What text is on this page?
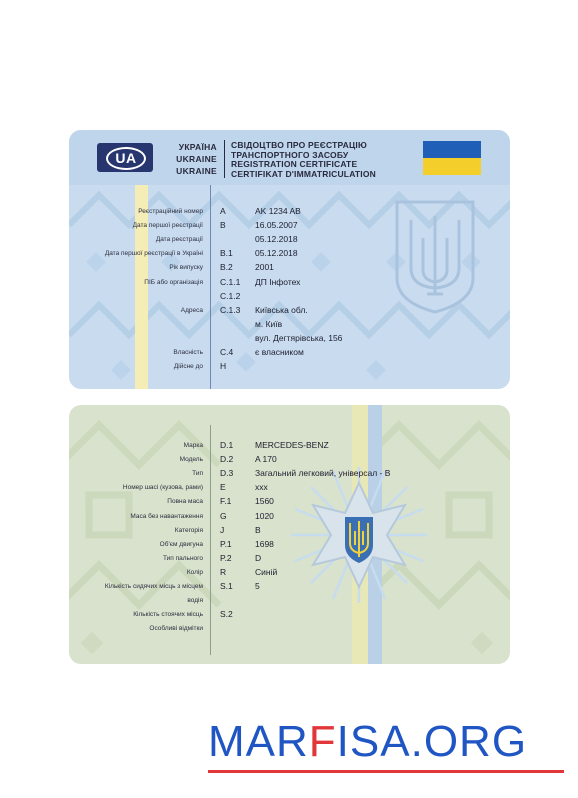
UA
УКРАЇНА
UKRAINE
UKRAINE
СВІДОЦТВО ПРО РЕЄСТРАЦІЮ
ТРАНСПОРТНОГО ЗАСОБУ
REGISTRATION CERTIFICATE
CERTIFIKAT D'IMMATRICULATION
Реєстраційний номер A	AK 1234 AB
Дата першої реєстрації B	16.05.2007
Дата реєстрації	05.12.2018
Дата першої реєстрації в Україні B.1	05.12.2018
Рік випуску B.2	2001
ПІБ або організація C.1.1 ДП Інфотех
C.1.2
Адреса C.1.3 Київська обл.
м. Київ
вул. Дегтярівська, 156
Власність C.4	є власником
Дійсне до H
Марка D.1	MERCEDES-BENZ
Модель D.2	A 170
Тип D.3	Загальний легковий, універсал - B
Номер шасі (кузова, рами) E	xxx
Повна маса F.1	1560
Маса без навантаження G	1020
Категорія J	B
Об'єм двигуна P.1	1698
Тип пального P.2	D
Колір R	Синій
Кількість сидячих місць з місцем S.1	5
водія
Кількість стоячих місць S.2
Особливі відмітки
MARFISA.ORG
